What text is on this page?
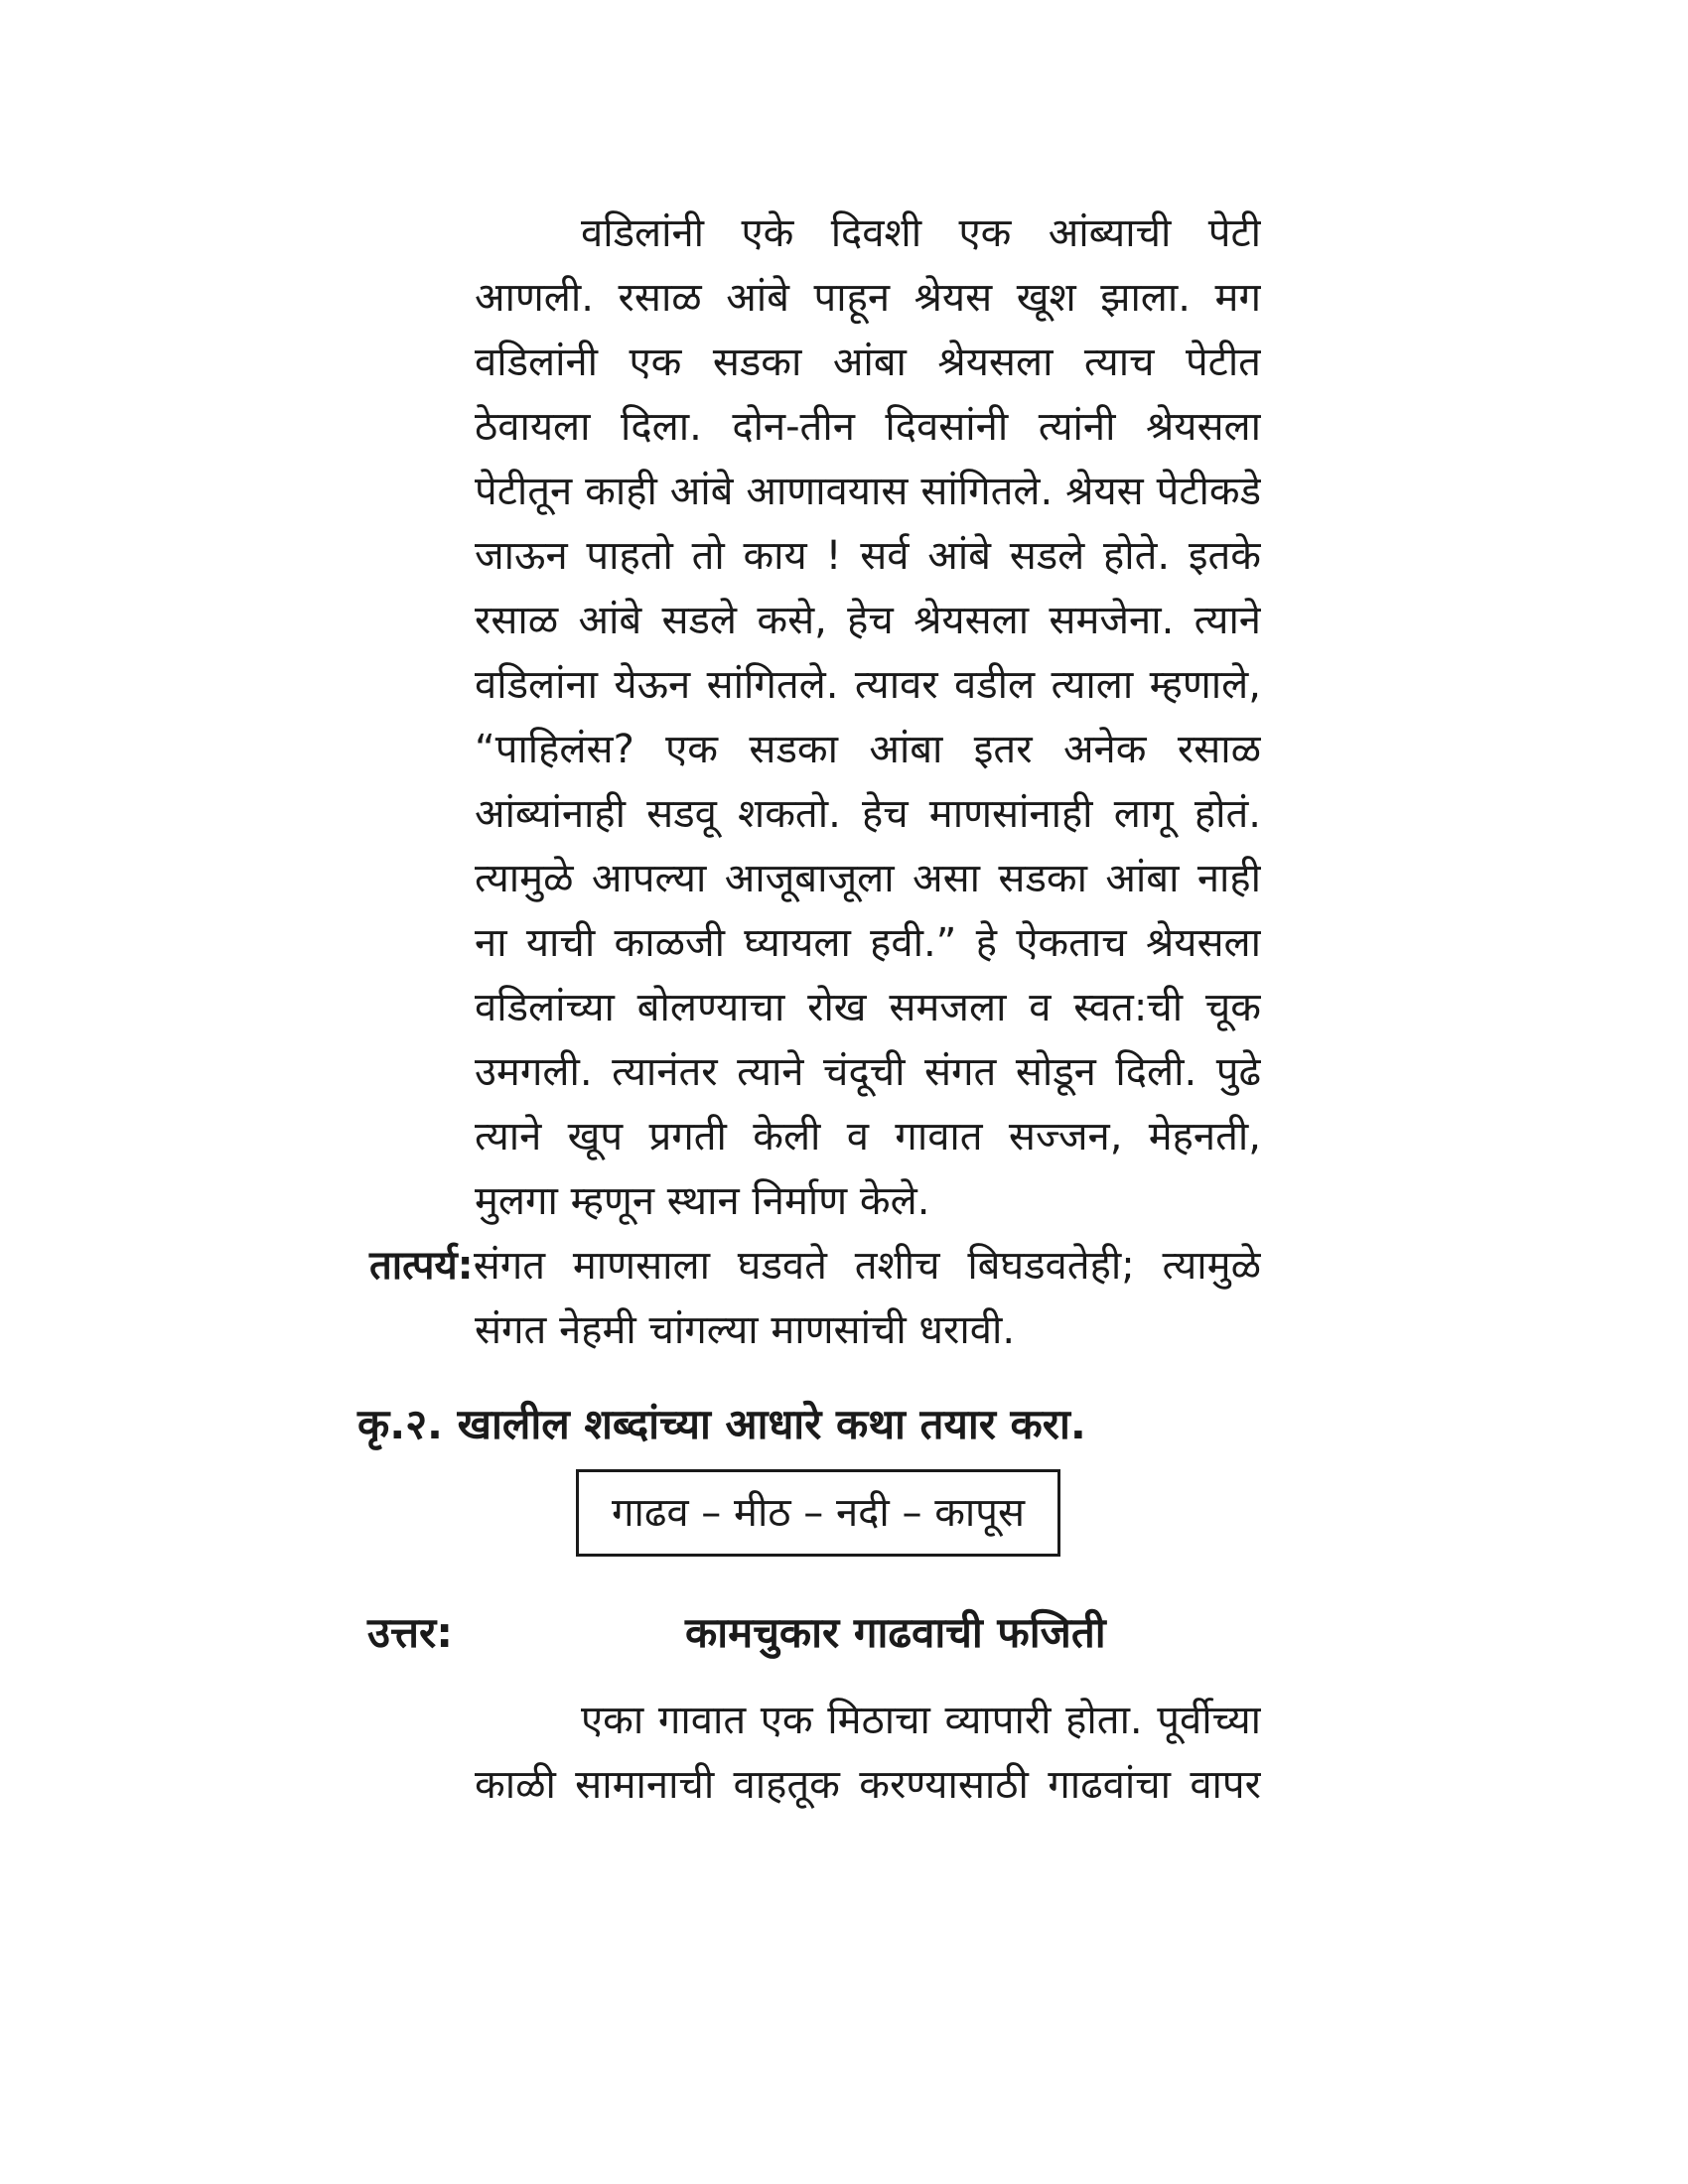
वडिलांनी एके दिवशी एक आंब्याची पेटी
आणली. रसाळ आंबे पाहून श्रेयस खूश झाला. मग
वडिलांनी एक सडका आंबा श्रेयसला त्याच पेटीत
ठेवायला दिला. दोन-तीन दिवसांनी त्यांनी श्रेयसला
पेटीतून काही आंबे आणावयास सांगितले. श्रेयस पेटीकडे
जाऊन पाहतो तो काय ! सर्व आंबे सडले होते. इतके
रसाळ आंबे सडले कसे, हेच श्रेयसला समजेना. त्याने
वडिलांना येऊन सांगितले. त्यावर वडील त्याला म्हणाले,
“पाहिलंस? एक सडका आंबा इतर अनेक रसाळ
आंब्यांनाही सडवू शकतो. हेच माणसांनाही लागू होतं.
त्यामुळे आपल्या आजूबाजूला असा सडका आंबा नाही
ना याची काळजी घ्यायला हवी.” हे ऐकताच श्रेयसला
वडिलांच्या बोलण्याचा रोख समजला व स्वत:ची चूक
उमगली. त्यानंतर त्याने चंदूची संगत सोडून दिली. पुढे
त्याने खूप प्रगती केली व गावात सज्जन, मेहनती,
मुलगा म्हणून स्थान निर्माण केले.
तात्पर्य: संगत माणसाला घडवते तशीच बिघडवतेही; त्यामुळे
संगत नेहमी चांगल्या माणसांची धरावी.
कृ.२. खालील शब्दांच्या आधारे कथा तयार करा.
गाढव – मीठ – नदी – कापूस
उत्तर:	कामचुकार गाढवाची फजिती
एका गावात एक मिठाचा व्यापारी होता. पूर्वीच्या
काळी सामानाची वाहतूक करण्यासाठी गाढवांचा वापर
